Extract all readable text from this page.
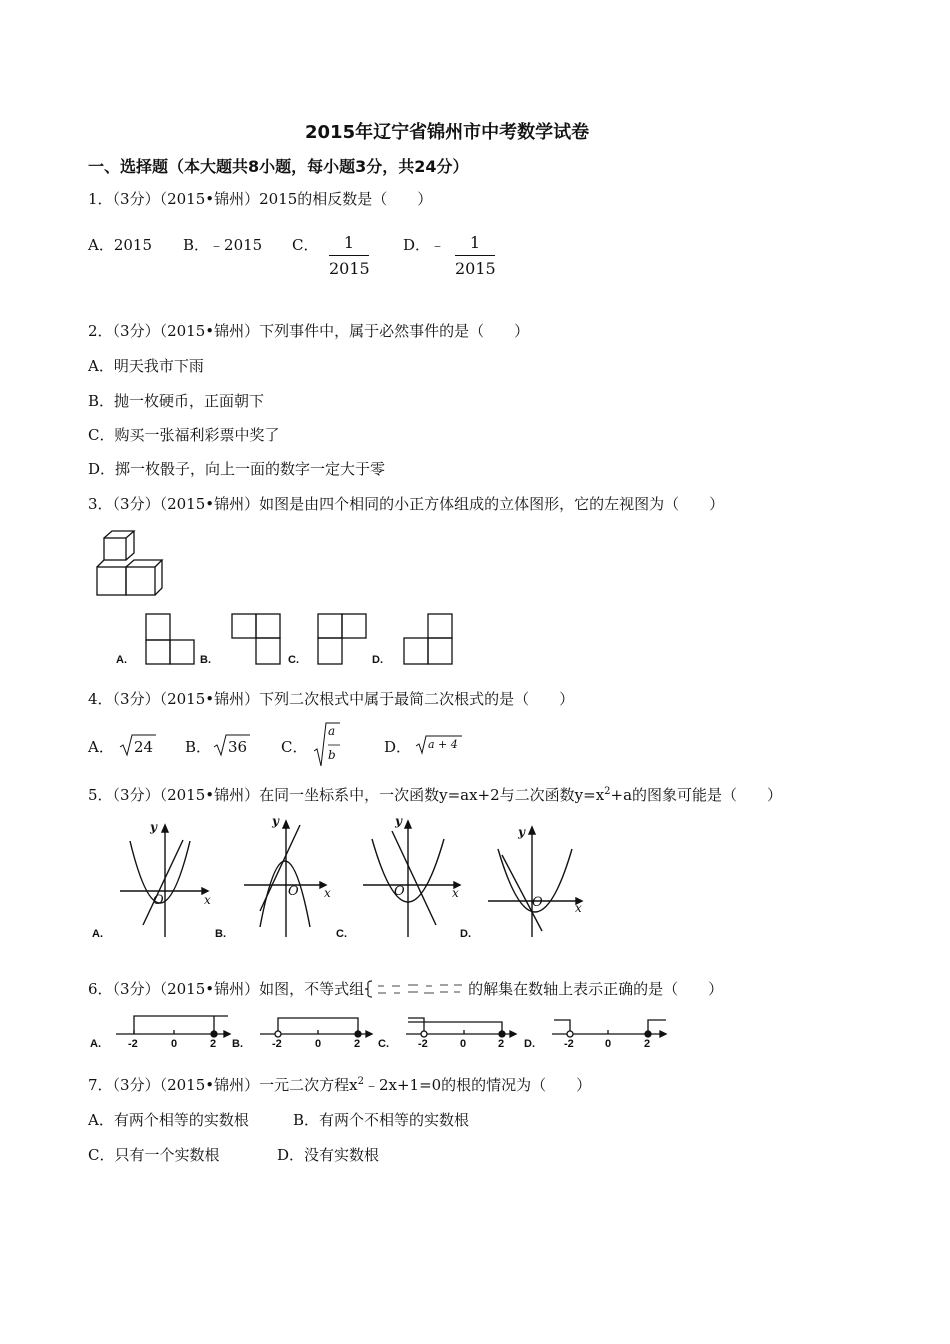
2015年辽宁省锦州市中考数学试卷
一、选择题（本大题共8小题，每小题3分，共24分）
1．（3分）（2015•锦州）2015的相反数是（　　）
A．2015 B．﹣2015 C．	1
2015
D．﹣	1
2015
2．（3分）（2015•锦州）下列事件中，属于必然事件的是（　　）
A．明天我市下雨
B．抛一枚硬币，正面朝下
C．购买一张福利彩票中奖了
D．掷一枚骰子，向上一面的数字一定大于零
3．（3分）（2015•锦州）如图是由四个相同的小正方体组成的立体图形，它的左视图为（　　）
A.	B.	C.	D.
4．（3分）（2015•锦州）下列二次根式中属于最简二次根式的是（　　）
A． 24 B． 36 C．
a
b	D． a + 4
5．（3分）（2015•锦州）在同一坐标系中，一次函数y=ax+2与二次函数$y=x^2+a$的图象可能是（　　）
y
x
O
y
x
O
y
x
O
y
x
O
A.	B.	C.	D.
6．（3分）（2015•锦州）如图，不等式组	的解集在数轴上表示正确的是（　　）
A. -2	0	2 B.	-2	0	2 C.	-2	0	2 D.	-2	0	2
7．（3分）（2015•锦州）一元二次方程$x^2﹣2x+1=0$的根的情况为（　　）
A．有两个相等的实数根	B．有两个不相等的实数根
C．只有一个实数根	D．没有实数根
